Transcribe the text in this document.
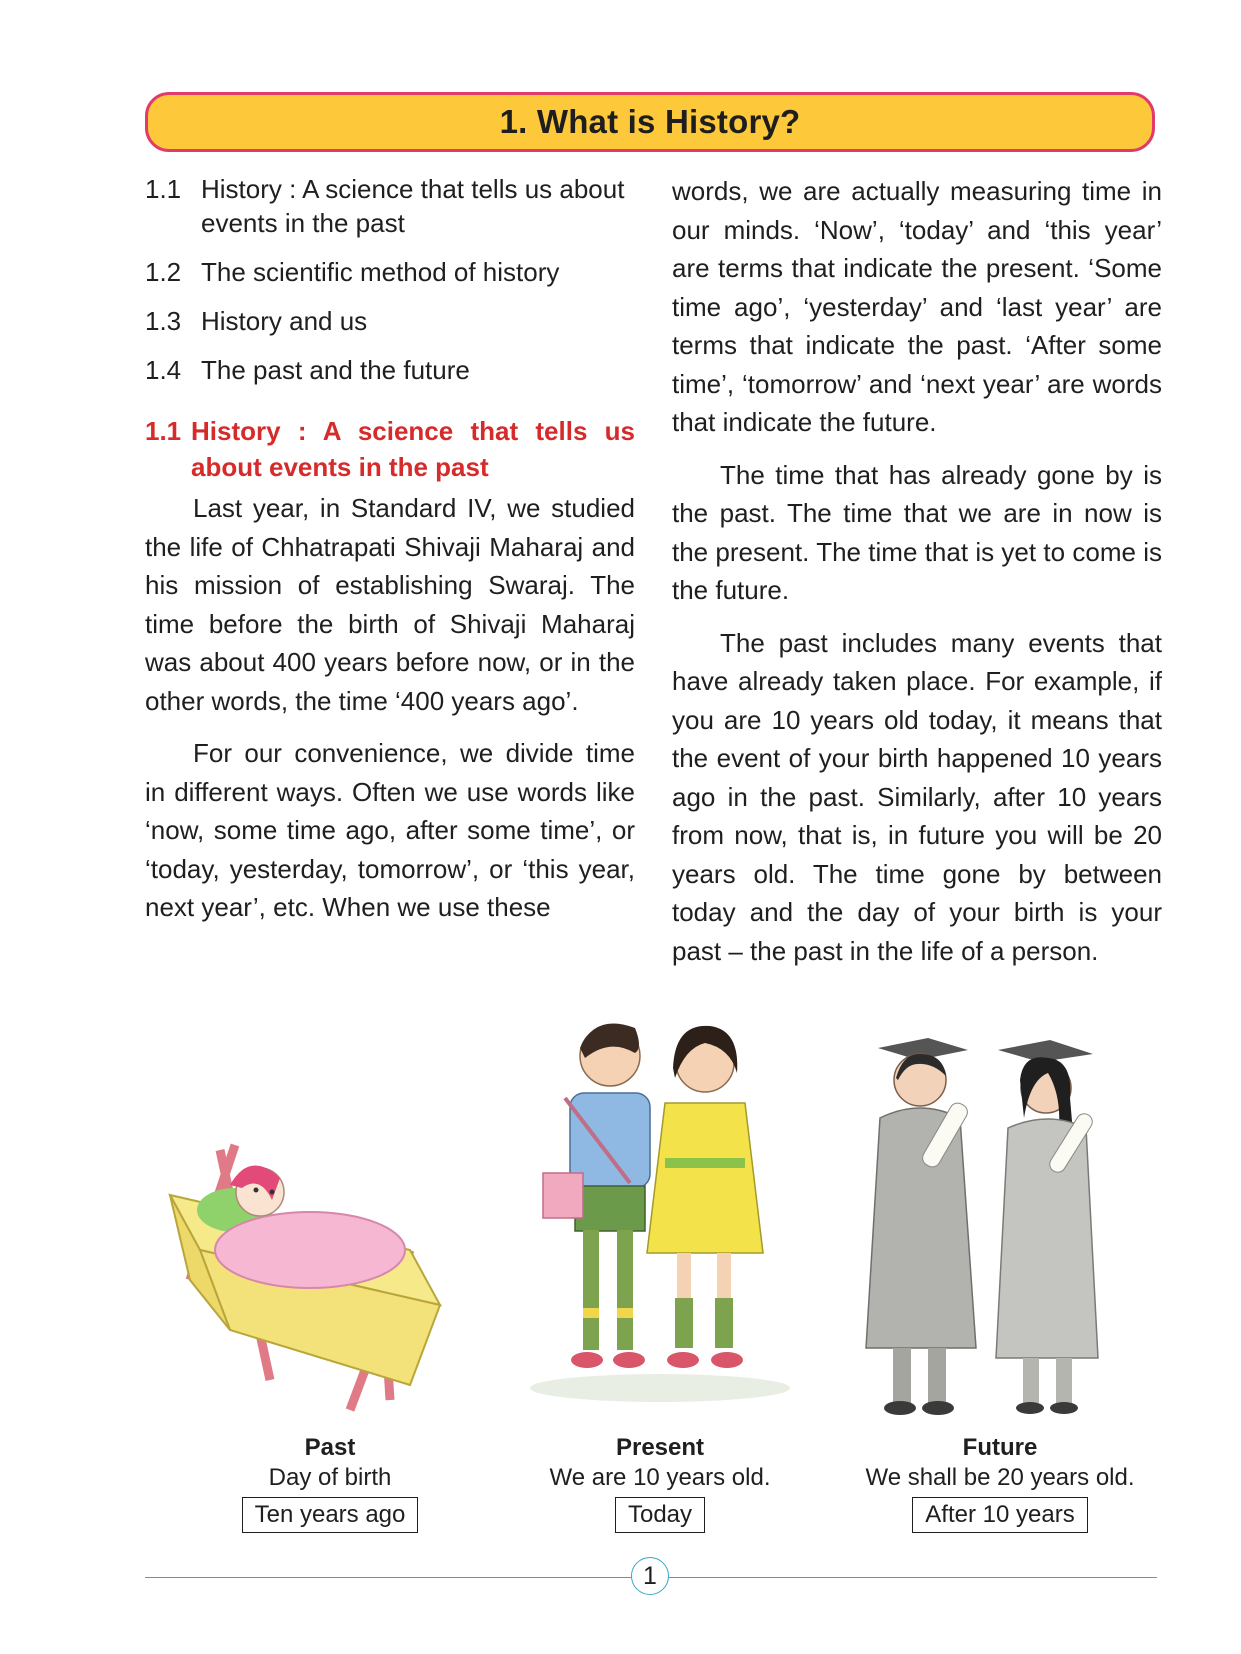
1. What is History?
1.1 History : A science that tells us about events in the past
1.2 The scientific method of history
1.3 History and us
1.4 The past and the future
1.1 History : A science that tells us about events in the past

Last year, in Standard IV, we studied the life of Chhatrapati Shivaji Maharaj and his mission of establishing Swaraj. The time before the birth of Shivaji Maharaj was about 400 years before now, or in the other words, the time ‘400 years ago’.

For our convenience, we divide time in different ways. Often we use words like ‘now, some time ago, after some time’, or ‘today, yesterday, tomorrow’, or ‘this year, next year’, etc. When we use these

words, we are actually measuring time in our minds. ‘Now’, ‘today’ and ‘this year’ are terms that indicate the present. ‘Some time ago’, ‘yesterday’ and ‘last year’ are terms that indicate the past. ‘After some time’, ‘tomorrow’ and ‘next year’ are words that indicate the future.

The time that has already gone by is the past. The time that we are in now is the present. The time that is yet to come is the future.

The past includes many events that have already taken place. For example, if you are 10 years old today, it means that the event of your birth happened 10 years ago in the past. Similarly, after 10 years from now, that is, in future you will be 20 years old. The time gone by between today and the day of your birth is your past – the past in the life of a person.

Past
Day of birth
Ten years ago
Present
We are 10 years old.
Today
Future
We shall be 20 years old.
After 10 years
1
